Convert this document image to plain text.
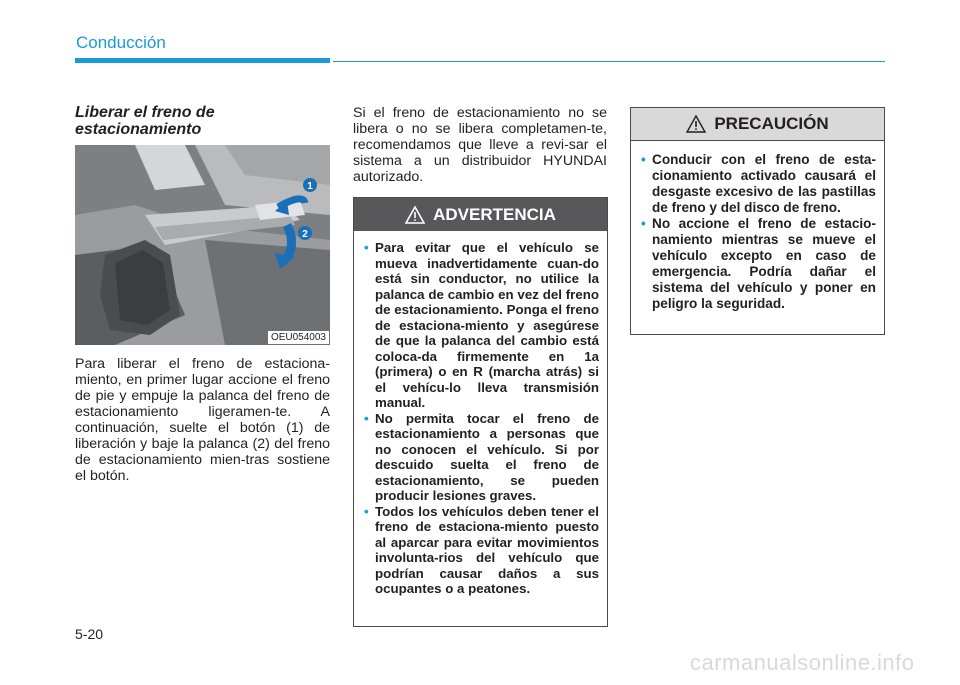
Conducción
Liberar el freno de estacionamiento
1
2
OEU054003
Para liberar el freno de estaciona-miento, en primer lugar accione el freno de pie y empuje la palanca del freno de estacionamiento ligeramen-te. A continuación, suelte el botón (1) de liberación y baje la palanca (2) del freno de estacionamiento mien-tras sostiene el botón.
Si el freno de estacionamiento no se libera o no se libera completamen-te, recomendamos que lleve a revi-sar el sistema a un distribuidor HYUNDAI autorizado.
ADVERTENCIA
• Para evitar que el vehículo se mueva inadvertidamente cuan-do está sin conductor, no utilice la palanca de cambio en vez del freno de estacionamiento. Ponga el freno de estaciona-miento y asegúrese de que la palanca del cambio está coloca-da firmemente en 1a (primera) o en R (marcha atrás) si el vehícu-lo lleva transmisión manual.
• No permita tocar el freno de estacionamiento a personas que no conocen el vehículo. Si por descuido suelta el freno de estacionamiento, se pueden producir lesiones graves.
• Todos los vehículos deben tener el freno de estaciona-miento puesto al aparcar para evitar movimientos involunta-rios del vehículo que podrían causar daños a sus ocupantes o a peatones.
PRECAUCIÓN
• Conducir con el freno de esta-cionamiento activado causará el desgaste excesivo de las pastillas de freno y del disco de freno.
• No accione el freno de estacio-namiento mientras se mueve el vehículo excepto en caso de emergencia. Podría dañar el sistema del vehículo y poner en peligro la seguridad.
5-20
carmanualsonline.info
